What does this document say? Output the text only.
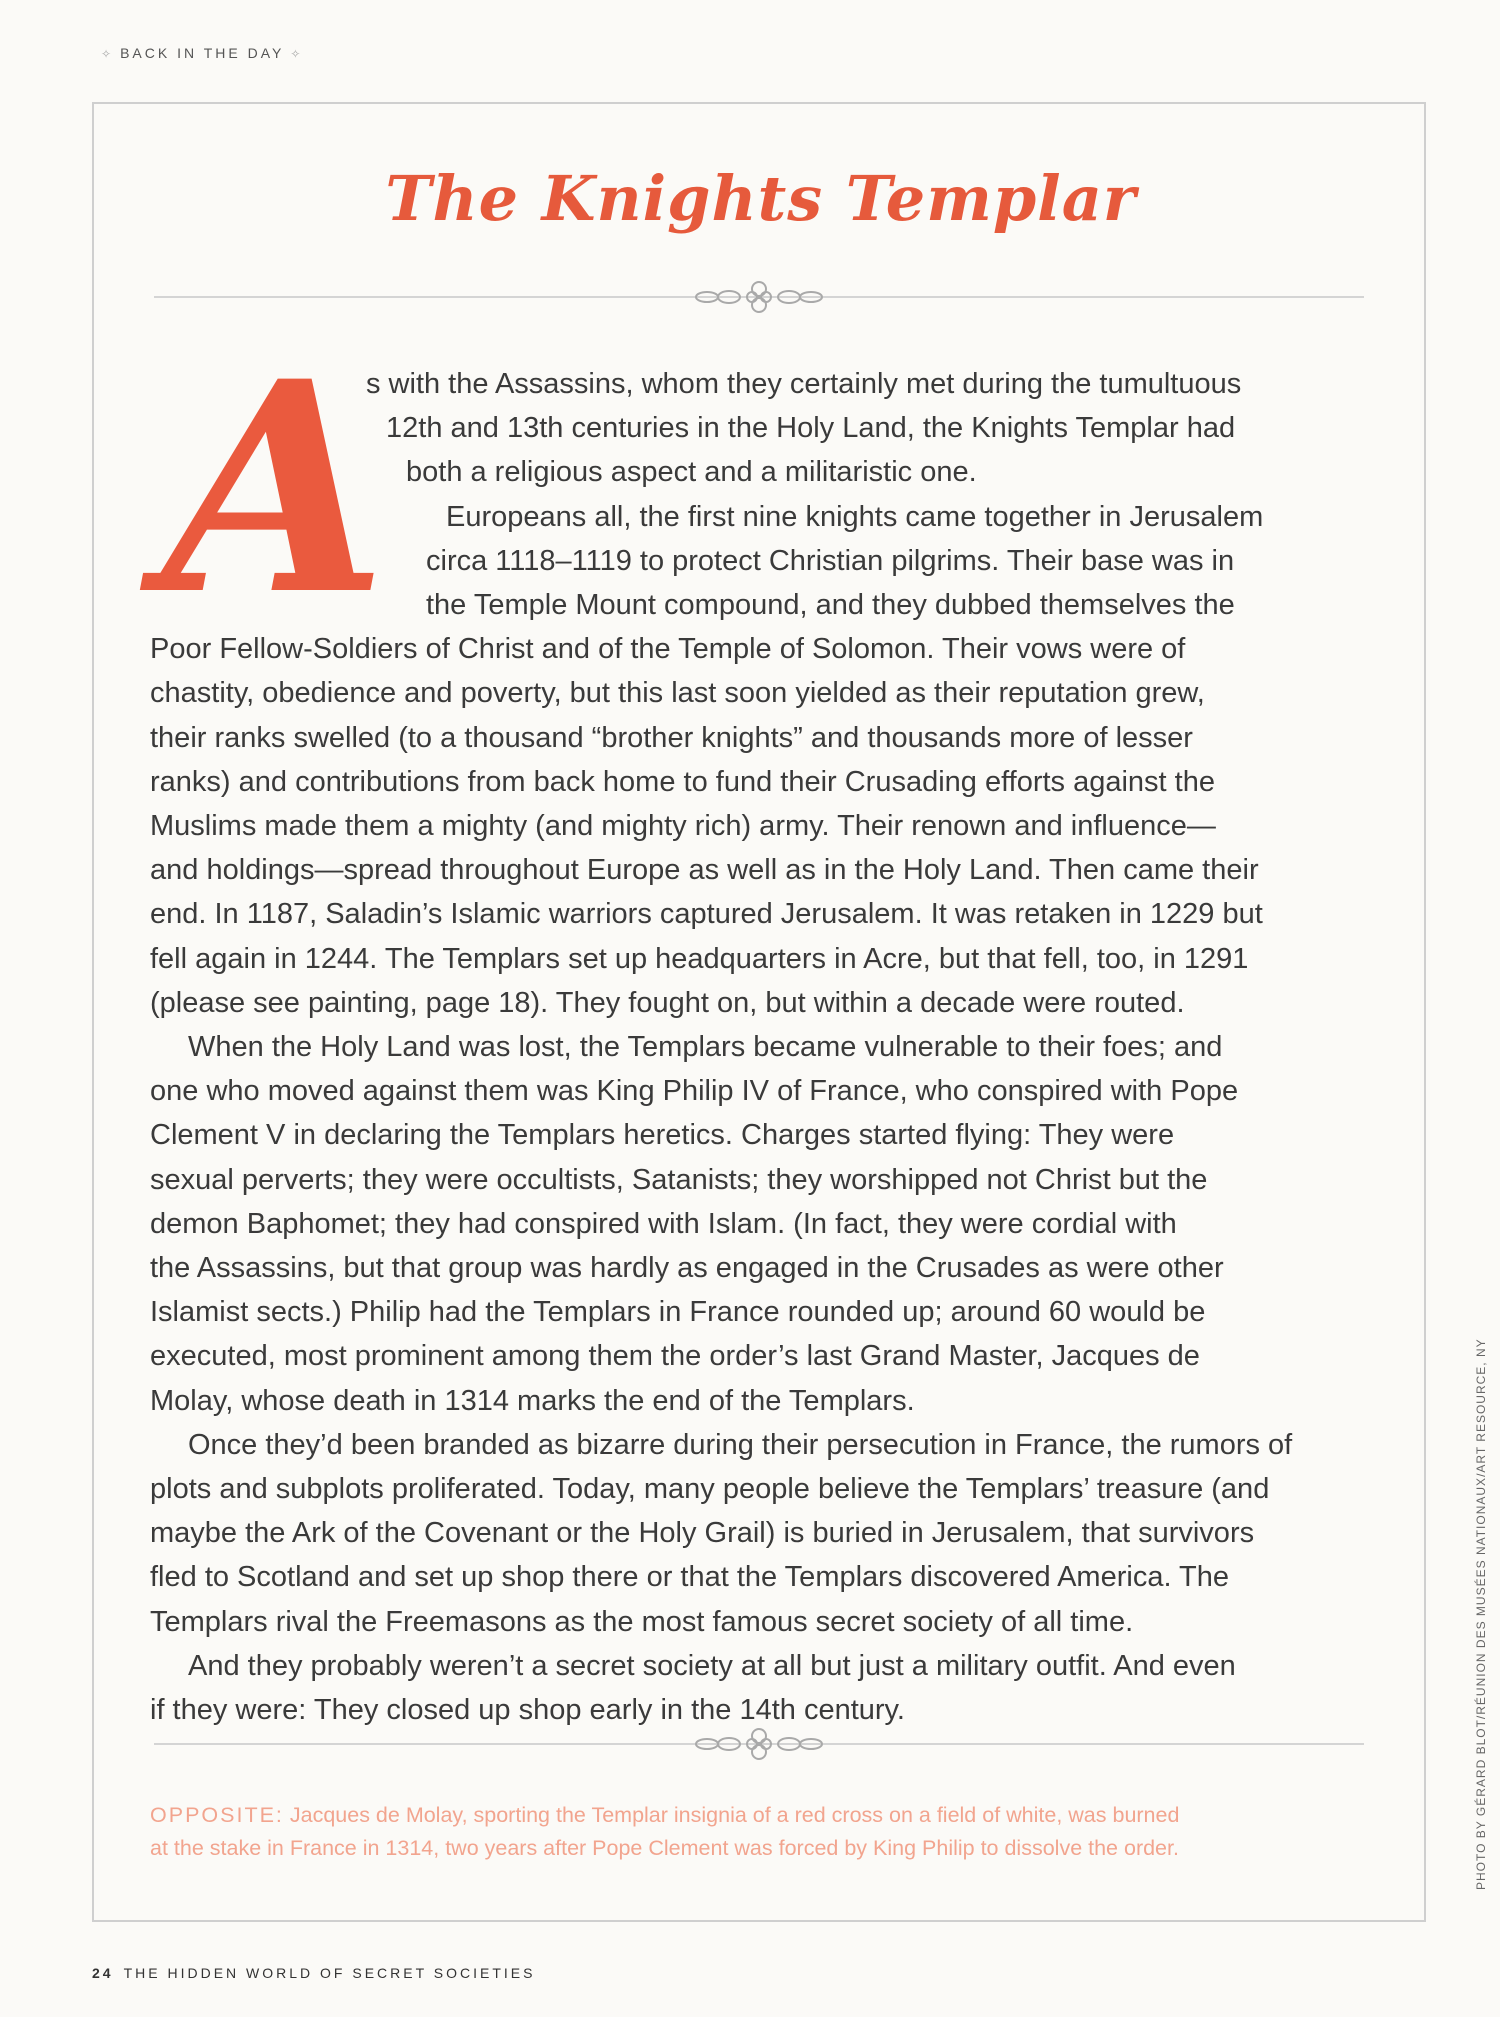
✧ BACK IN THE DAY ✧
The Knights Templar
A
s with the Assassins, whom they certainly met during the tumultuous
12th and 13th centuries in the Holy Land, the Knights Templar had
both a religious aspect and a militaristic one.
Europeans all, the first nine knights came together in Jerusalem
circa 1118–1119 to protect Christian pilgrims. Their base was in
the Temple Mount compound, and they dubbed themselves the
Poor Fellow-Soldiers of Christ and of the Temple of Solomon. Their vows were of
chastity, obedience and poverty, but this last soon yielded as their reputation grew,
their ranks swelled (to a thousand “brother knights” and thousands more of lesser
ranks) and contributions from back home to fund their Crusading efforts against the
Muslims made them a mighty (and mighty rich) army. Their renown and influence—
and holdings—spread throughout Europe as well as in the Holy Land. Then came their
end. In 1187, Saladin’s Islamic warriors captured Jerusalem. It was retaken in 1229 but
fell again in 1244. The Templars set up headquarters in Acre, but that fell, too, in 1291
(please see painting, page 18). They fought on, but within a decade were routed.
When the Holy Land was lost, the Templars became vulnerable to their foes; and
one who moved against them was King Philip IV of France, who conspired with Pope
Clement V in declaring the Templars heretics. Charges started flying: They were
sexual perverts; they were occultists, Satanists; they worshipped not Christ but the
demon Baphomet; they had conspired with Islam. (In fact, they were cordial with
the Assassins, but that group was hardly as engaged in the Crusades as were other
Islamist sects.) Philip had the Templars in France rounded up; around 60 would be
executed, most prominent among them the order’s last Grand Master, Jacques de
Molay, whose death in 1314 marks the end of the Templars.
Once they’d been branded as bizarre during their persecution in France, the rumors of
plots and subplots proliferated. Today, many people believe the Templars’ treasure (and
maybe the Ark of the Covenant or the Holy Grail) is buried in Jerusalem, that survivors
fled to Scotland and set up shop there or that the Templars discovered America. The
Templars rival the Freemasons as the most famous secret society of all time.
And they probably weren’t a secret society at all but just a military outfit. And even
if they were: They closed up shop early in the 14th century.
OPPOSITE: Jacques de Molay, sporting the Templar insignia of a red cross on a field of white, was burned
at the stake in France in 1314, two years after Pope Clement was forced by King Philip to dissolve the order.	PHOTO BY GÉRARD BLOT/RÉUNION DES MUSÉES NATIONAUX/ART RESOURCE, NY
24 THE HIDDEN WORLD OF SECRET SOCIETIES
